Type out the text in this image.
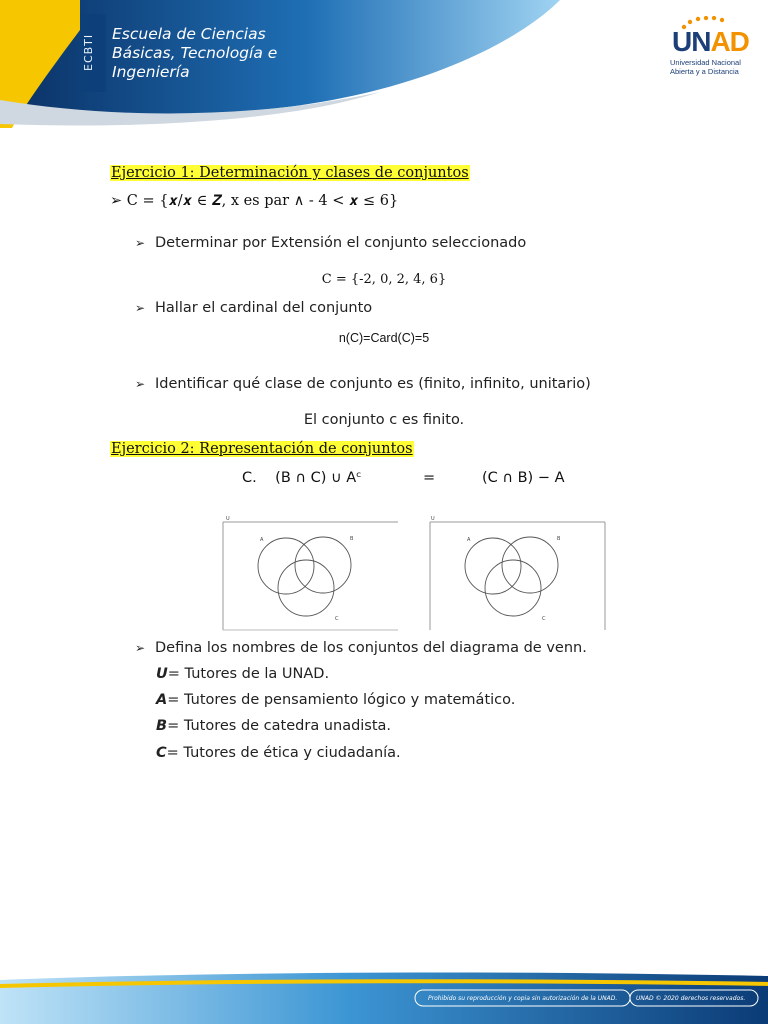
ECBTI	Escuela de Ciencias
Básicas, Tecnología e
Ingeniería
UNAD
Universidad Nacional
Abierta y a Distancia
Ejercicio 1: Determinación y clases de conjuntos
➢ C = {𝒙/𝒙 ∈ 𝒁, x es par ∧ - 4 < 𝒙 ≤ 6}
➢ Determinar por Extensión el conjunto seleccionado
C = {-2, 0, 2, 4, 6}
➢ Hallar el cardinal del conjunto
n(C)=Card(C)=5
➢ Identificar qué clase de conjunto es (finito, infinito, unitario)
El conjunto c es finito.
Ejercicio 2: Representación de conjuntos
C.    (B ∩ C) ∪ Aᶜ	=	(C ∩ B) − A
U
A	B
C
U
A	B
C
➢ Defina los nombres de los conjuntos del diagrama de venn.
U= Tutores de la UNAD.
A= Tutores de pensamiento lógico y matemático.
B= Tutores de catedra unadista.
C= Tutores de ética y ciudadanía.
Prohibido su reproducción y copia sin autorización de la UNAD.	UNAD © 2020 derechos reservados.
